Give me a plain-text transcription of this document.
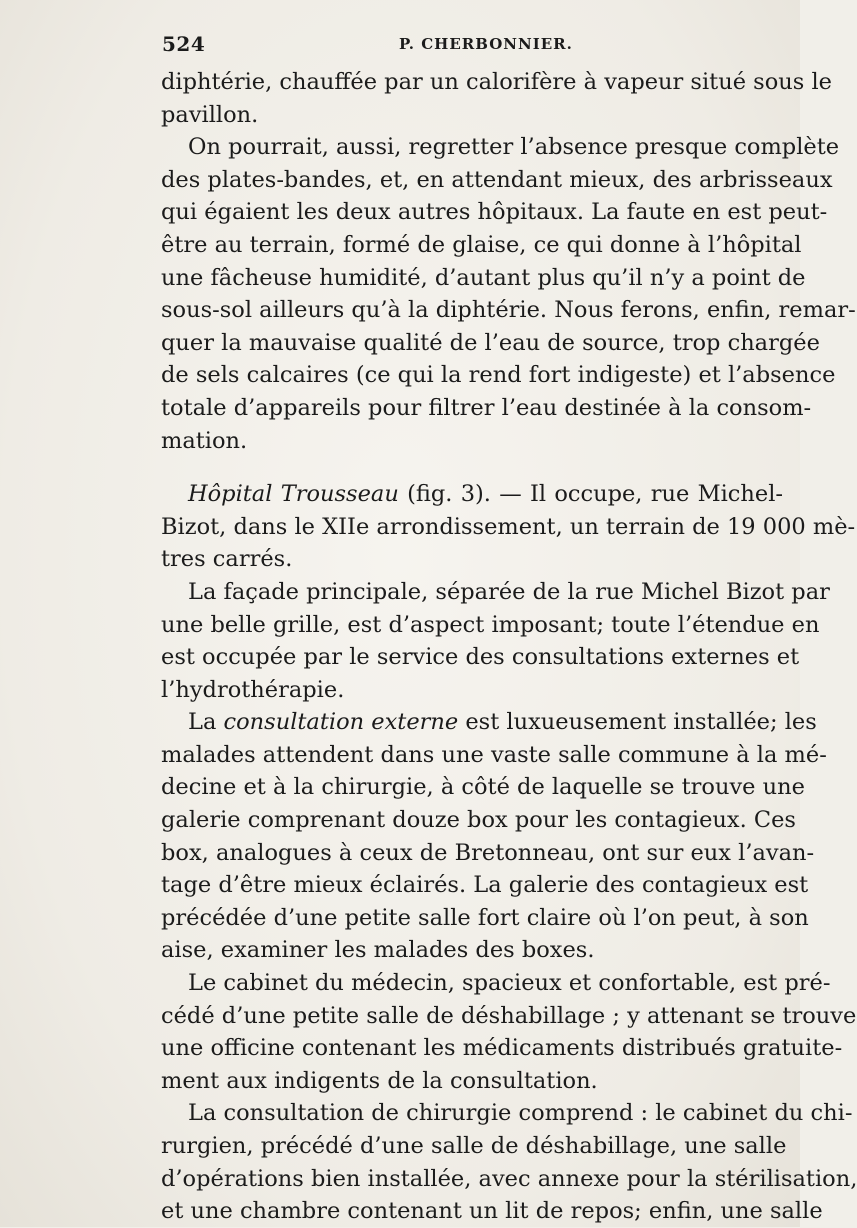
524	P. CHERBONNIER.
diphtérie, chauffée par un calorifère à vapeur situé sous le
pavillon.
On pourrait, aussi, regretter l’absence presque complète
des plates-bandes, et, en attendant mieux, des arbrisseaux
qui égaient les deux autres hôpitaux. La faute en est peut-
être au terrain, formé de glaise, ce qui donne à l’hôpital
une fâcheuse humidité, d’autant plus qu’il n’y a point de
sous-sol ailleurs qu’à la diphtérie. Nous ferons, enfin, remar-
quer la mauvaise qualité de l’eau de source, trop chargée
de sels calcaires (ce qui la rend fort indigeste) et l’absence
totale d’appareils pour filtrer l’eau destinée à la consom-
mation.
Hôpital Trousseau (fig. 3). — Il occupe, rue Michel-
Bizot, dans le XIIe arrondissement, un terrain de 19 000 mè-
tres carrés.
La façade principale, séparée de la rue Michel Bizot par
une belle grille, est d’aspect imposant; toute l’étendue en
est occupée par le service des consultations externes et
l’hydrothérapie.
La consultation externe est luxueusement installée; les
malades attendent dans une vaste salle commune à la mé-
decine et à la chirurgie, à côté de laquelle se trouve une
galerie comprenant douze box pour les contagieux. Ces
box, analogues à ceux de Bretonneau, ont sur eux l’avan-
tage d’être mieux éclairés. La galerie des contagieux est
précédée d’une petite salle fort claire où l’on peut, à son
aise, examiner les malades des boxes.
Le cabinet du médecin, spacieux et confortable, est pré-
cédé d’une petite salle de déshabillage ; y attenant se trouve
une officine contenant les médicaments distribués gratuite-
ment aux indigents de la consultation.
La consultation de chirurgie comprend : le cabinet du chi-
rurgien, précédé d’une salle de déshabillage, une salle
d’opérations bien installée, avec annexe pour la stérilisation,
et une chambre contenant un lit de repos; enfin, une salle
